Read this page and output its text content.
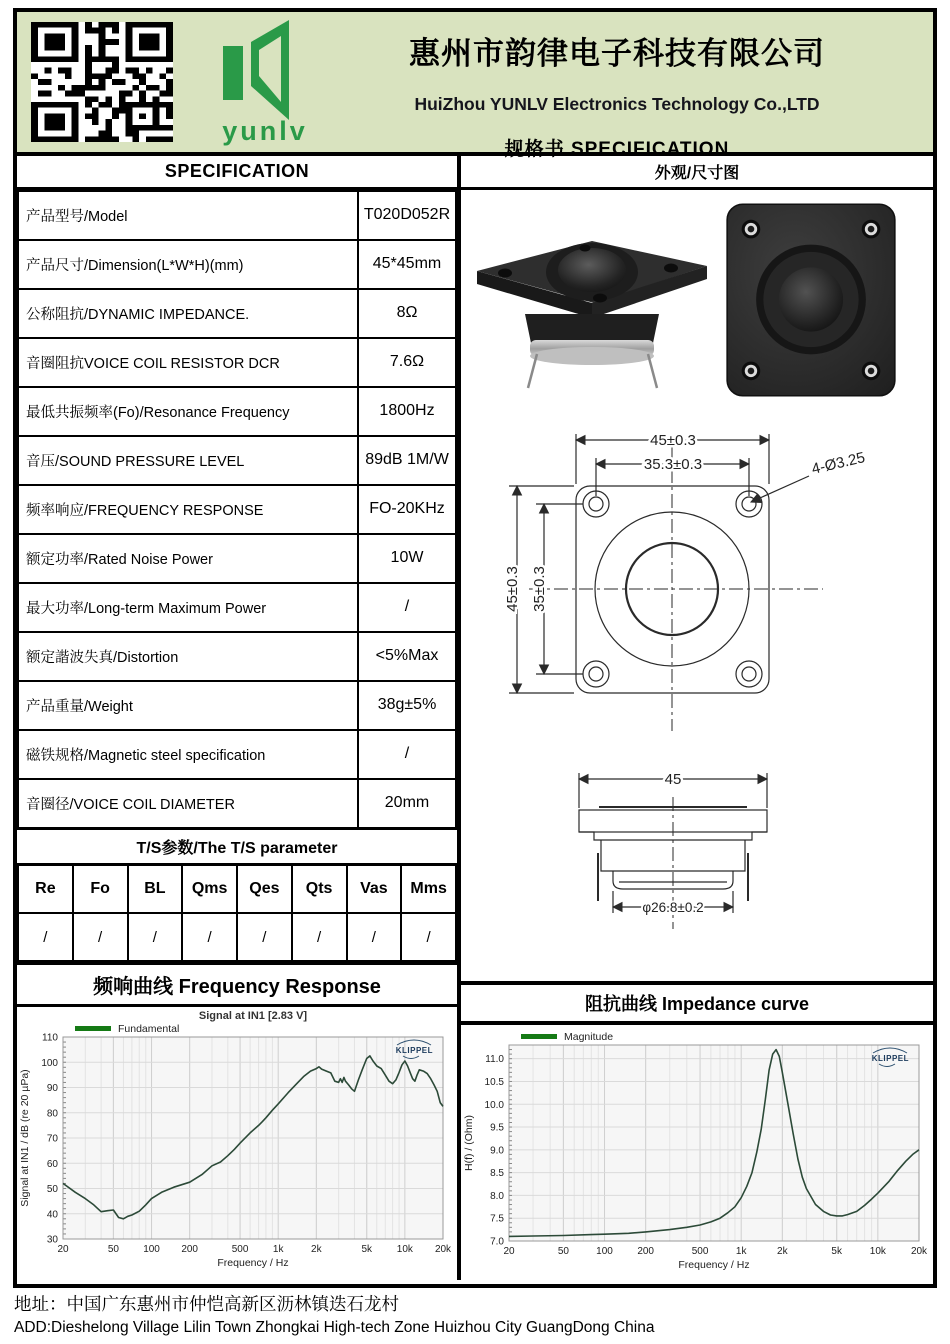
yunlv
惠州市韵律电子科技有限公司
HuiZhou YUNLV Electronics Technology Co.,LTD
规格书 SPECIFICATION
SPECIFICATION
产品型号/Model	T020D052R
产品尺寸/Dimension(L*W*H)(mm)	45*45mm
公称阻抗/DYNAMIC IMPEDANCE.	8Ω
音圈阻抗VOICE COIL RESISTOR DCR	7.6Ω
最低共振频率(Fo)/Resonance Frequency	1800Hz
音压/SOUND PRESSURE LEVEL	89dB 1M/W
频率响应/FREQUENCY RESPONSE	FO-20KHz
额定功率/Rated Noise Power	10W
最大功率/Long-term Maximum Power	/
额定諧波失真/Distortion	<5%Max
产品重量/Weight	38g±5%
磁铁规格/Magnetic steel specification	/
音圈径/VOICE COIL DIAMETER	20mm
T/S参数/The T/S parameter
Re	Fo	BL	Qms	Qes	Qts	Vas	Mms
/	/	/	/	/	/	/	/
频响曲线 Frequency Response
20	50 100 200	500 1k	2k	5k 10k 20k
30
40
50
60
70
80
90
100
110
Frequency / Hz
Signal at IN1 / dB (re 20 µPa)
Signal at IN1 [2.83 V]
Fundamental
KLIPPEL
外观/尺寸图
45±0.3
35.3±0.3
45±0.3 35±0.3
4-Ø3.25
45
φ26.8±0.2
阻抗曲线 Impedance curve
20	50	100 200	500	1k	2k	5k	10k	20k
7.0
7.5
8.0
8.5
9.0
9.5
10.0
10.5
11.0
Frequency / Hz
H(f) / (Ohm)
Magnitude
KLIPPEL
地址：中国广东惠州市仲恺高新区沥林镇迭石龙村
ADD:Dieshelong Village Lilin Town Zhongkai High-tech Zone Huizhou City GuangDong China
